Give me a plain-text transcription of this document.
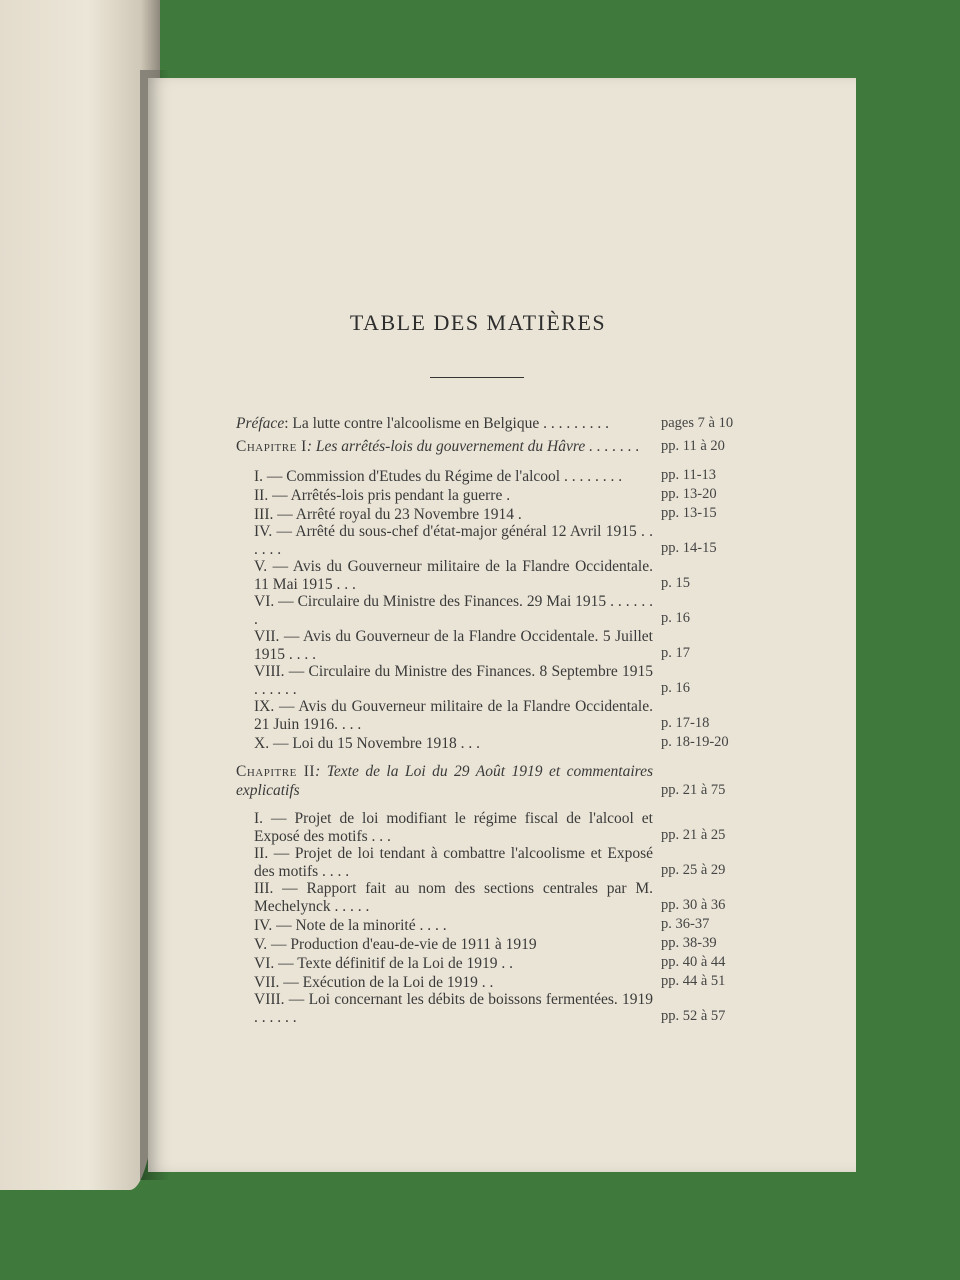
TABLE DES MATIÈRES
Préface: La lutte contre l'alcoolisme en Belgique . . . . . . . . .	pages 7 à 10
Chapitre I: Les arrêtés-lois du gouvernement du Hâvre . . . . . . .	pp. 11 à 20
I. — Commission d'Etudes du Régime de l'alcool . . . . . . . .	pp. 11-13
II. — Arrêtés-lois pris pendant la guerre .	pp. 13-20
III. — Arrêté royal du 23 Novembre 1914 .	pp. 13-15
IV. — Arrêté du sous-chef d'état-major général 12 Avril 1915 . . . . . .	pp. 14-15
V. — Avis du Gouverneur militaire de la Flandre Occidentale. 11 Mai 1915 . . .	p. 15
VI. — Circulaire du Ministre des Finances. 29 Mai 1915 . . . . . . .	p. 16
VII. — Avis du Gouverneur de la Flandre Occidentale. 5 Juillet 1915 . . . .	p. 17
VIII. — Circulaire du Ministre des Finances. 8 Septembre 1915 . . . . . .	p. 16
IX. — Avis du Gouverneur militaire de la Flandre Occidentale. 21 Juin 1916. . . .	p. 17-18
X. — Loi du 15 Novembre 1918 . . .	p. 18-19-20
Chapitre II: Texte de la Loi du 29 Août 1919 et commentaires explicatifs	pp. 21 à 75
I. — Projet de loi modifiant le régime fiscal de l'alcool et Exposé des motifs . . .	pp. 21 à 25
II. — Projet de loi tendant à combattre l'alcoolisme et Exposé des motifs . . . .	pp. 25 à 29
III. — Rapport fait au nom des sections centrales par M. Mechelynck . . . . .	pp. 30 à 36
IV. — Note de la minorité . . . .	p. 36-37
V. — Production d'eau-de-vie de 1911 à 1919	pp. 38-39
VI. — Texte définitif de la Loi de 1919 . .	pp. 40 à 44
VII. — Exécution de la Loi de 1919 . .	pp. 44 à 51
VIII. — Loi concernant les débits de boissons fermentées. 1919 . . . . . .	pp. 52 à 57
